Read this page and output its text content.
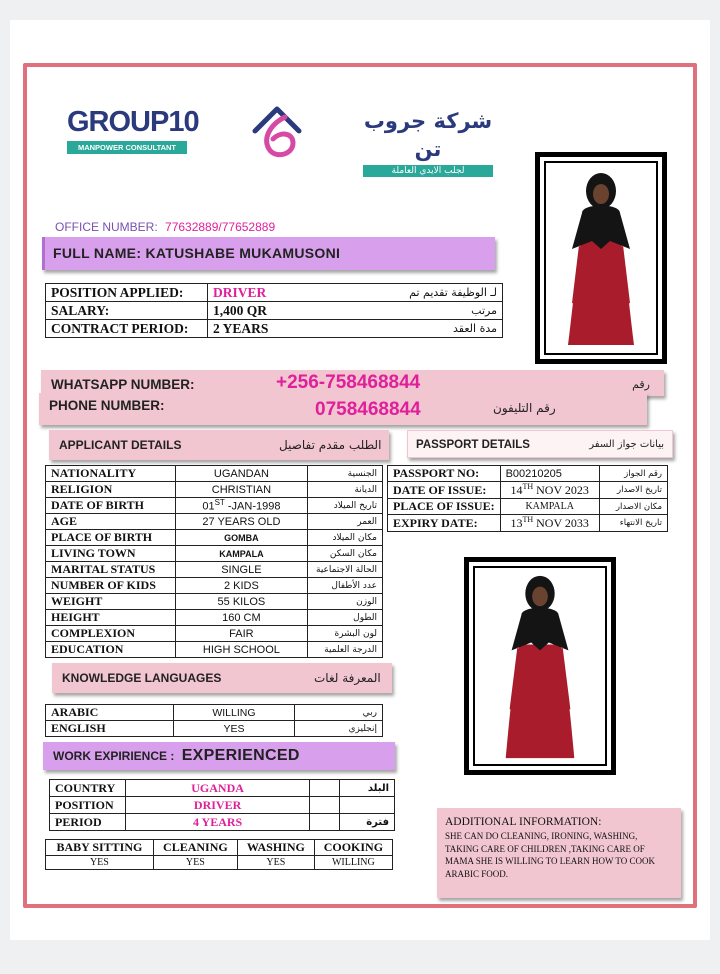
GROUP10
MANPOWER CONSULTANT
شركة جروب تن
لجلب الايدي العاملة
OFFICE NUMBER: 77632889/77652889
FULL NAME: KATUSHABE MUKAMUSONI
POSITION APPLIED:	DRIVER	لـ الوظيفة تقديم تم
SALARY:	1,400 QR	مرتب
CONTRACT PERIOD:	2 YEARS	مدة العقد
WHATSAPP NUMBER:	+256-758468844	رقم
PHONE NUMBER:	0758468844	رقم التليفون
APPLICANT DETAILS	الطلب مقدم تفاصيل	PASSPORT DETAILS	بيانات جواز السفر
NATIONALITY	UGANDAN	الجنسية
RELIGION	CHRISTIAN	الديانة
DATE OF BIRTH	01ST -JAN-1998	تاريخ الميلاد
AGE	27 YEARS OLD	العمر
PLACE OF BIRTH	GOMBA	مكان الميلاد
LIVING TOWN	KAMPALA	مكان السكن
MARITAL STATUS	SINGLE	الحالة الاجتماعية
NUMBER OF KIDS	2 KIDS	عدد الأطفال
WEIGHT	55 KILOS	الوزن
HEIGHT	160 CM	الطول
COMPLEXION	FAIR	لون البشرة
EDUCATION	HIGH SCHOOL	الدرجة العلمية
PASSPORT NO:	B00210205	رقم الجواز
DATE OF ISSUE:	14TH NOV 2023	تاريخ الاصدار
PLACE OF ISSUE:	KAMPALA	مكان الاصدار
EXPIRY DATE:	13TH NOV 2033	تاريخ الانتهاء
KNOWLEDGE LANGUAGES	المعرفة لغات
ARABIC	WILLING	ربي
ENGLISH	YES	إنجليزي
WORK EXPIRIENCE : EXPERIENCED
COUNTRY	UGANDA		البلد
POSITION	DRIVER		
PERIOD	4 YEARS		فترة
BABY SITTING	CLEANING	WASHING	COOKING
YES	YES	YES	WILLING
ADDITIONAL INFORMATION:
SHE CAN DO CLEANING, IRONING, WASHING, TAKING CARE OF CHILDREN ,TAKING CARE OF MAMA SHE IS WILLING TO LEARN HOW TO COOK ARABIC FOOD.
